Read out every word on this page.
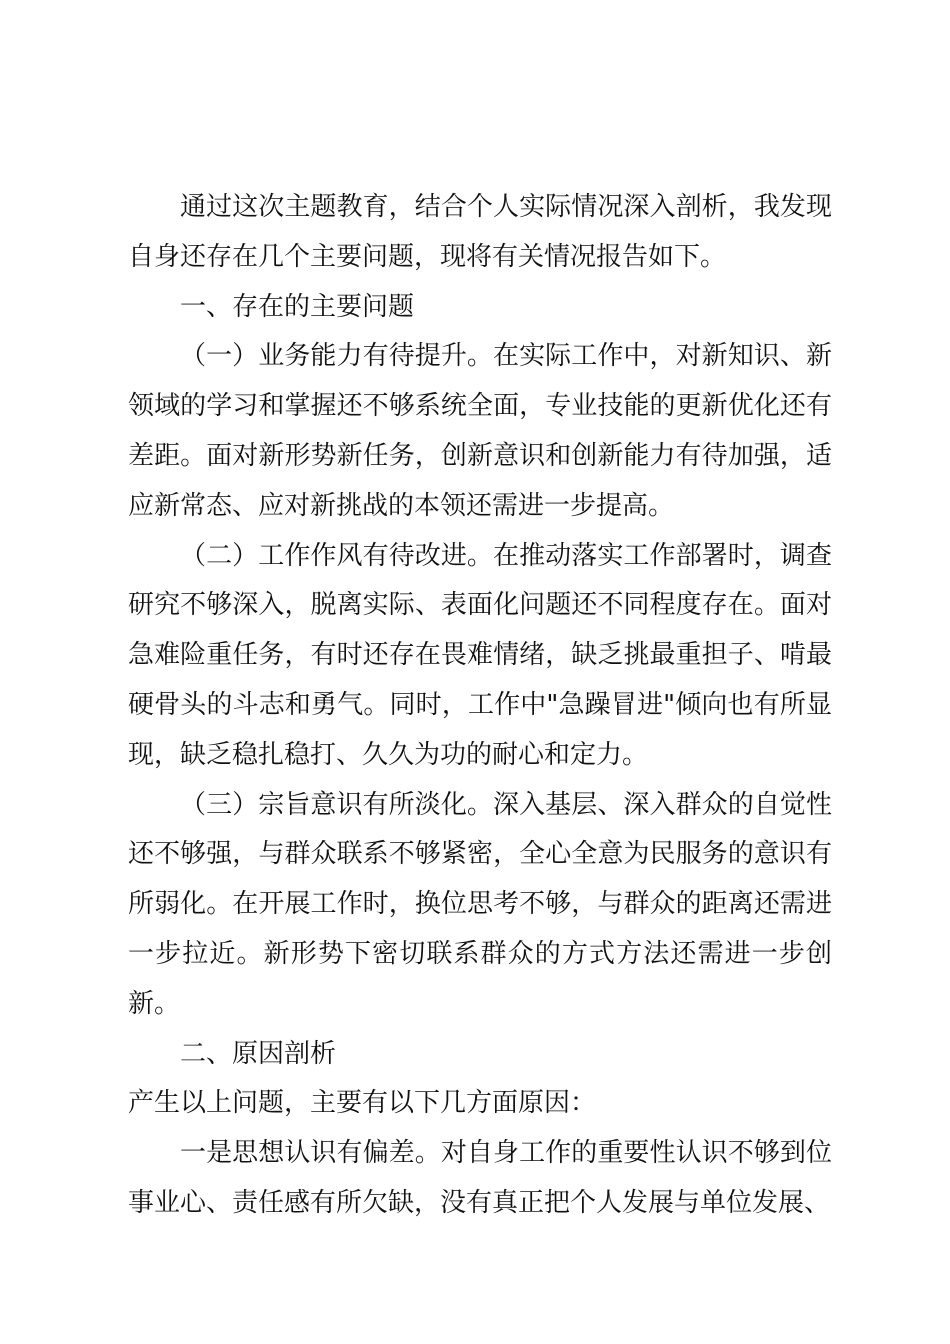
通过这次主题教育，结合个人实际情况深入剖析，我发现自身还存在几个主要问题，现将有关情况报告如下。

一、存在的主要问题

（一）业务能力有待提升。在实际工作中，对新知识、新领域的学习和掌握还不够系统全面，专业技能的更新优化还有差距。面对新形势新任务，创新意识和创新能力有待加强，适应新常态、应对新挑战的本领还需进一步提高。

（二）工作作风有待改进。在推动落实工作部署时，调查研究不够深入，脱离实际、表面化问题还不同程度存在。面对急难险重任务，有时还存在畏难情绪，缺乏挑最重担子、啃最硬骨头的斗志和勇气。同时，工作中"急躁冒进"倾向也有所显现，缺乏稳扎稳打、久久为功的耐心和定力。

（三）宗旨意识有所淡化。深入基层、深入群众的自觉性还不够强，与群众联系不够紧密，全心全意为民服务的意识有所弱化。在开展工作时，换位思考不够，与群众的距离还需进一步拉近。新形势下密切联系群众的方式方法还需进一步创新。

二、原因剖析

产生以上问题，主要有以下几方面原因：

一是思想认识有偏差。对自身工作的重要性认识不够到位事业心、责任感有所欠缺，没有真正把个人发展与单位发展、
